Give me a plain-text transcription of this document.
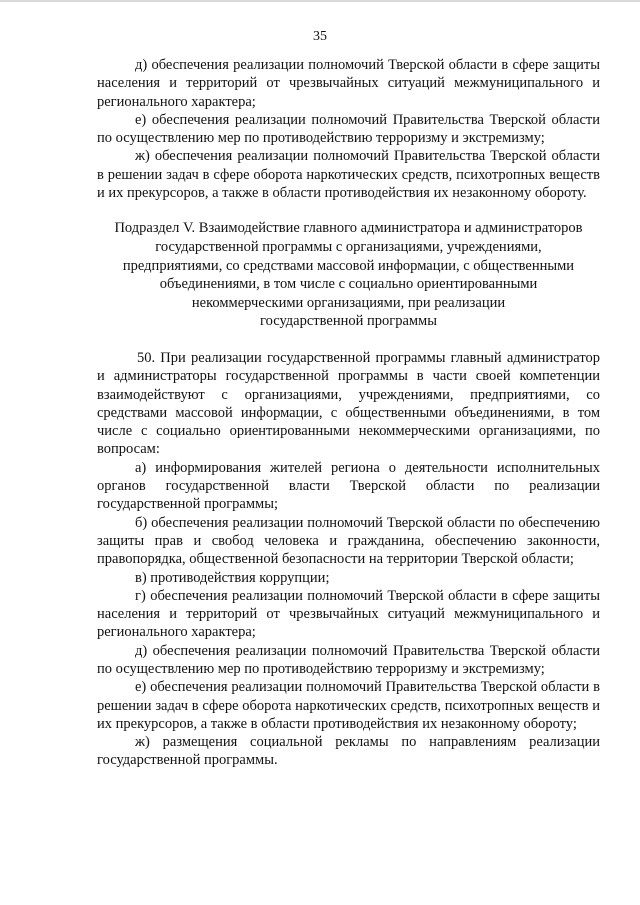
35

д) обеспечения реализации полномочий Тверской области в сфере защиты населения и территорий от чрезвычайных ситуаций межмуниципального и регионального характера;

е) обеспечения реализации полномочий Правительства Тверской области по осуществлению мер по противодействию терроризму и экстремизму;

ж) обеспечения реализации полномочий Правительства Тверской области в решении задач в сфере оборота наркотических средств, психотропных веществ и их прекурсоров, а также в области противодействия их незаконному обороту.

Подраздел V. Взаимодействие главного администратора и администраторов
государственной программы с организациями, учреждениями,
предприятиями, со средствами массовой информации, с общественными
объединениями, в том числе с социально ориентированными
некоммерческими организациями, при реализации
государственной программы

50. При реализации государственной программы главный администратор и администраторы государственной программы в части своей компетенции взаимодействуют с организациями, учреждениями, предприятиями, со средствами массовой информации, с общественными объединениями, в том числе с социально ориентированными некоммерческими организациями, по вопросам:

а) информирования жителей региона о деятельности исполнительных органов государственной власти Тверской области по реализации государственной программы;

б) обеспечения реализации полномочий Тверской области по обеспечению защиты прав и свобод человека и гражданина, обеспечению законности, правопорядка, общественной безопасности на территории Тверской области;

в) противодействия коррупции;

г) обеспечения реализации полномочий Тверской области в сфере защиты населения и территорий от чрезвычайных ситуаций межмуниципального и регионального характера;

д) обеспечения реализации полномочий Правительства Тверской области по осуществлению мер по противодействию терроризму и экстремизму;

е) обеспечения реализации полномочий Правительства Тверской области в решении задач в сфере оборота наркотических средств, психотропных веществ и их прекурсоров, а также в области противодействия их незаконному обороту;

ж) размещения социальной рекламы по направлениям реализации государственной программы.
